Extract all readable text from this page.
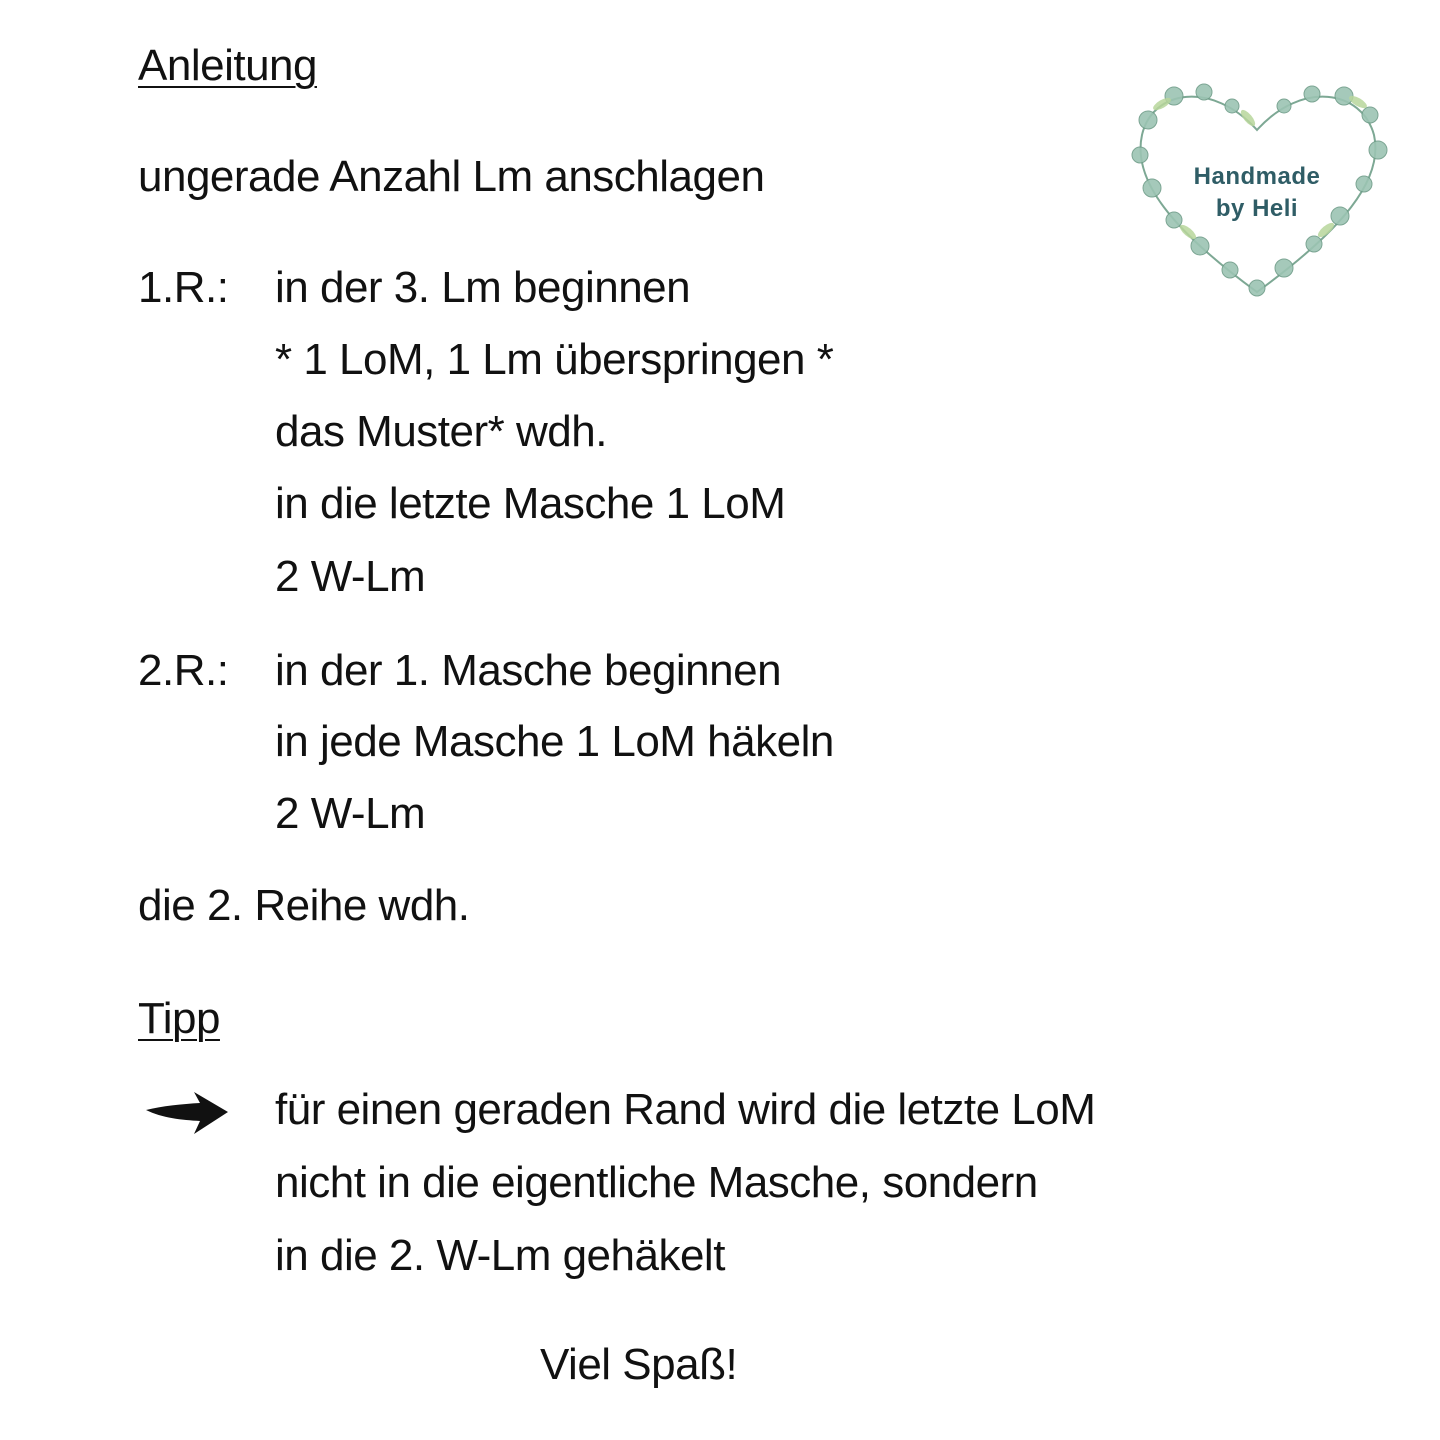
Anleitung
ungerade Anzahl Lm anschlagen
1.R.: in der 3. Lm beginnen
* 1 LoM, 1 Lm überspringen *
das Muster* wdh.
in die letzte Masche 1 LoM
2 W-Lm
2.R.: in der 1. Masche beginnen
in jede Masche 1 LoM häkeln
2 W-Lm
die 2. Reihe wdh.
Tipp
für einen geraden Rand wird die letzte LoM
nicht in die eigentliche Masche, sondern
in die 2. W-Lm gehäkelt
Viel Spaß!
Handmade
by Heli
